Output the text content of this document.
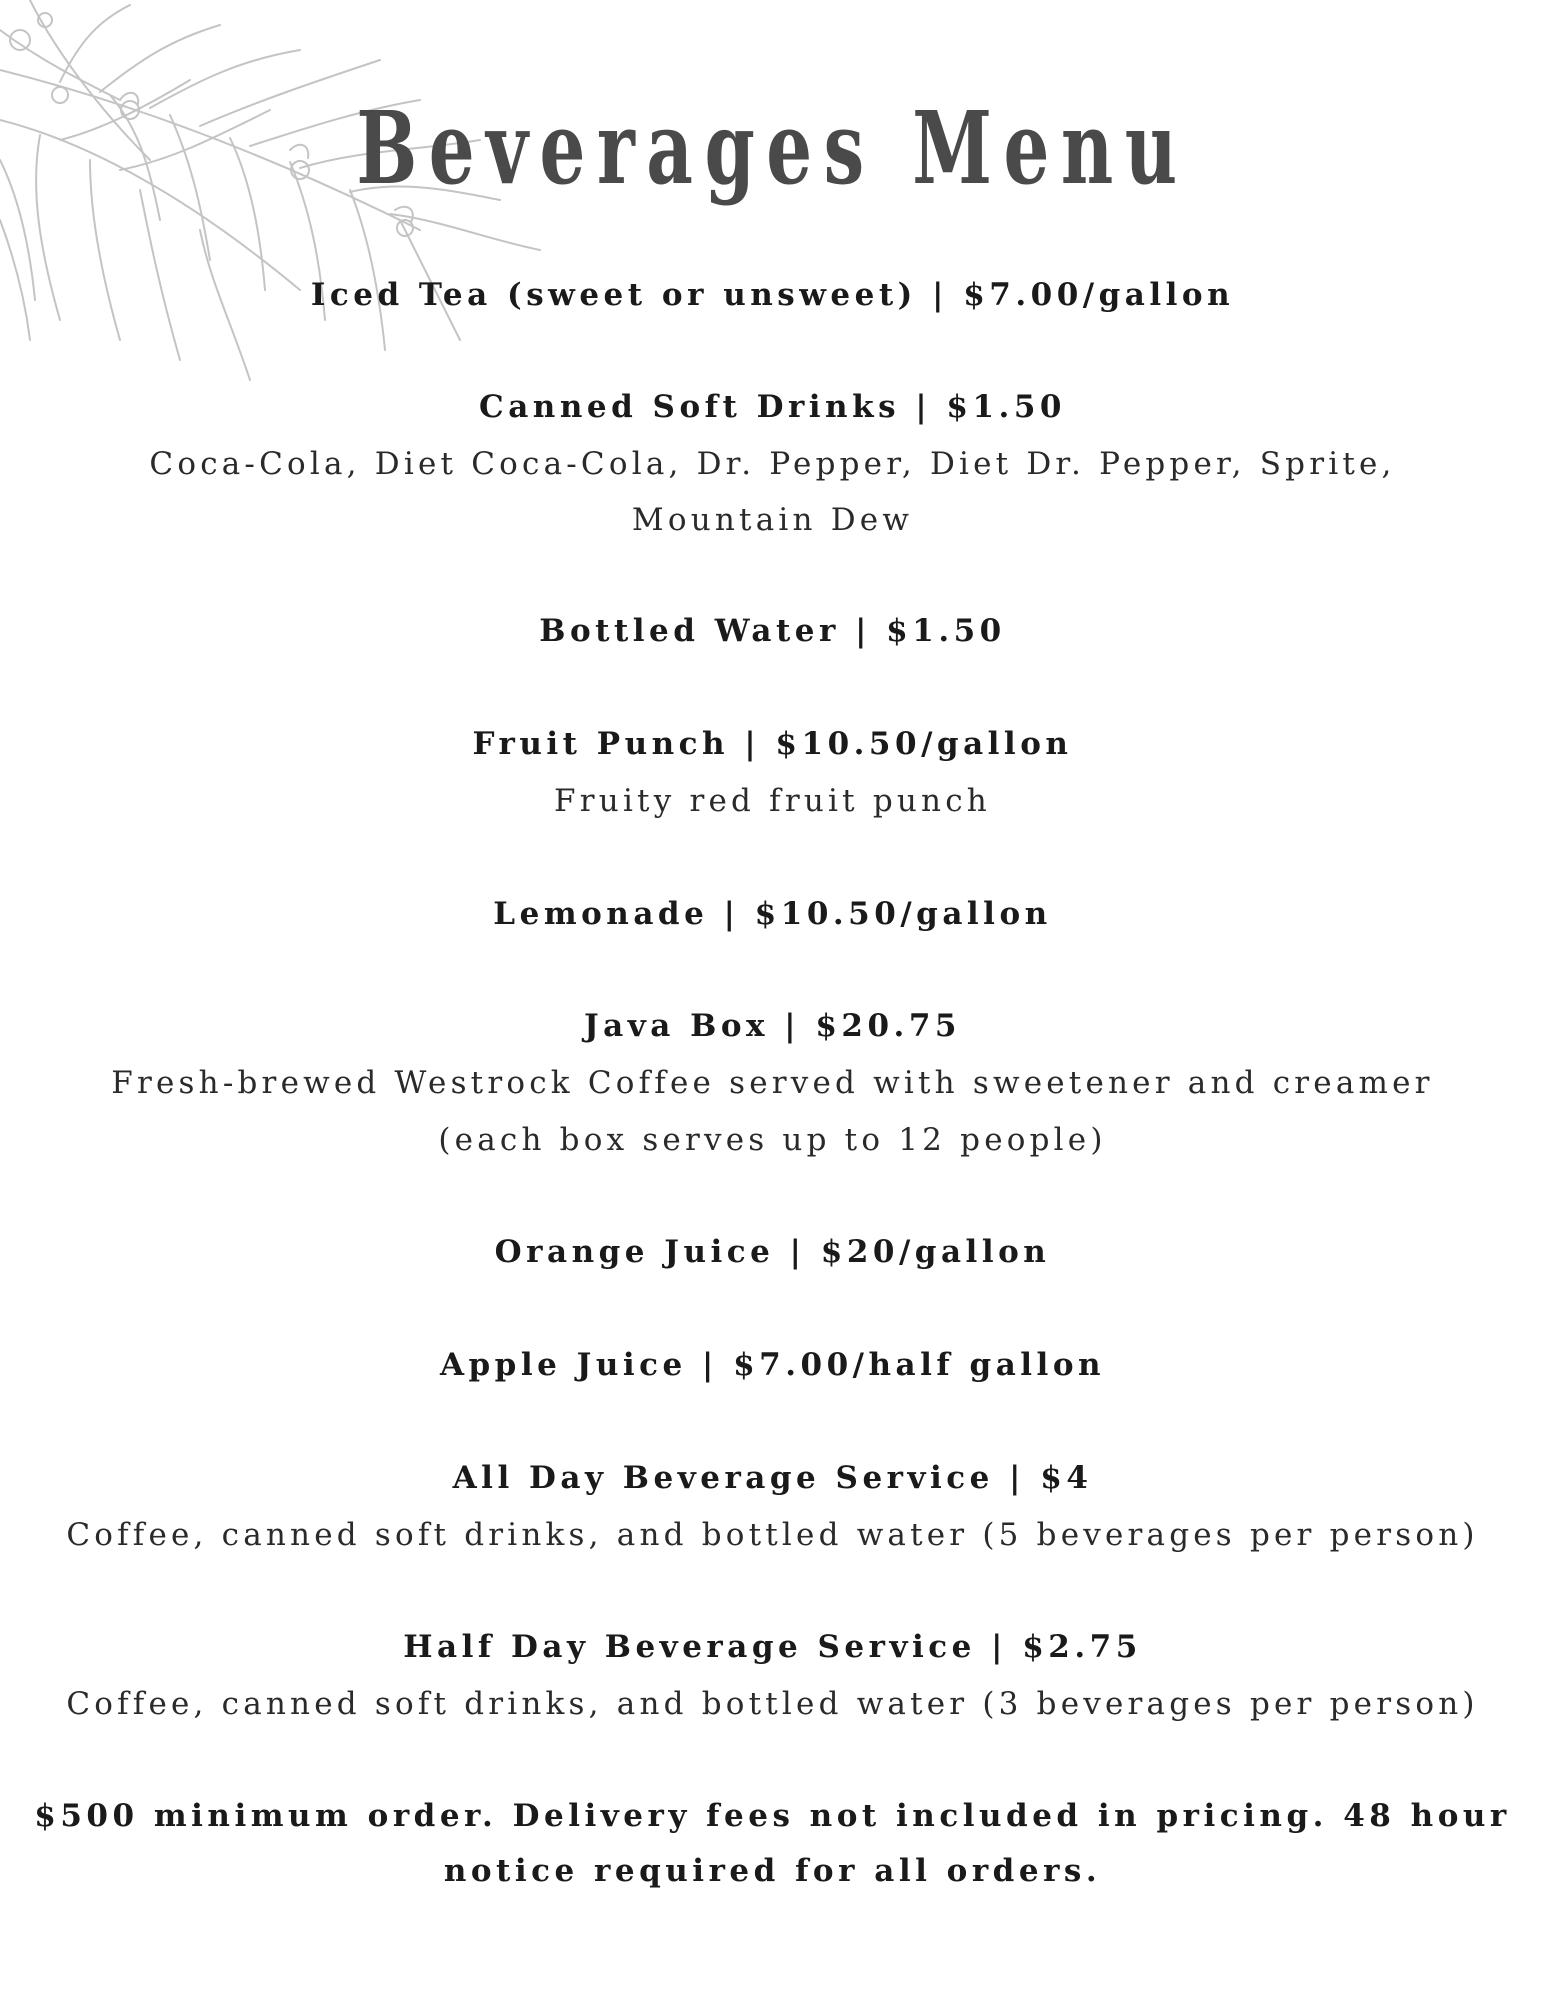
Beverages Menu
Iced Tea (sweet or unsweet) | $7.00/gallon
Canned Soft Drinks | $1.50
Coca-Cola, Diet Coca-Cola, Dr. Pepper, Diet Dr. Pepper, Sprite,
Mountain Dew
Bottled Water | $1.50
Fruit Punch | $10.50/gallon
Fruity red fruit punch
Lemonade | $10.50/gallon
Java Box | $20.75
Fresh-brewed Westrock Coffee served with sweetener and creamer
(each box serves up to 12 people)
Orange Juice | $20/gallon
Apple Juice | $7.00/half gallon
All Day Beverage Service | $4
Coffee, canned soft drinks, and bottled water (5 beverages per person)
Half Day Beverage Service | $2.75
Coffee, canned soft drinks, and bottled water (3 beverages per person)
$500 minimum order. Delivery fees not included in pricing. 48 hour
notice required for all orders.
